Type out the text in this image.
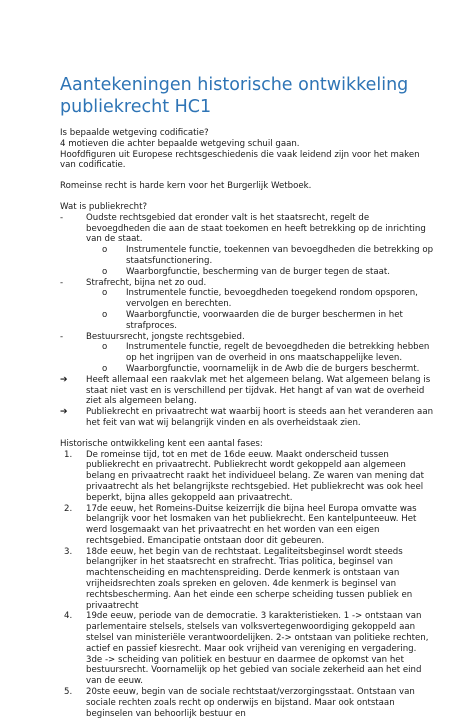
Aantekeningen historische ontwikkeling publiekrecht HC1

Is bepaalde wetgeving codificatie?

4 motieven die achter bepaalde wetgeving schuil gaan.

Hoofdfiguren uit Europese rechtsgeschiedenis die vaak leidend zijn voor het maken van codificatie.

Romeinse recht is harde kern voor het Burgerlijk Wetboek.

Wat is publiekrecht?

-	Oudste rechtsgebied dat eronder valt is het staatsrecht, regelt de bevoegdheden die aan de staat toekomen en heeft betrekking op de inrichting van de staat.
o	Instrumentele functie, toekennen van bevoegdheden die betrekking op staatsfunctionering.
o	Waarborgfunctie, bescherming van de burger tegen de staat.
-	Strafrecht, bijna net zo oud.
o	Instrumentele functie, bevoegdheden toegekend rondom opsporen, vervolgen en berechten.
o	Waarborgfunctie, voorwaarden die de burger beschermen in het strafproces.
-	Bestuursrecht, jongste rechtsgebied.
o	Instrumentele functie, regelt de bevoegdheden die betrekking hebben op het ingrijpen van de overheid in ons maatschappelijke leven.
o	Waarborgfunctie, voornamelijk in de Awb die de burgers beschermt.
➔	Heeft allemaal een raakvlak met het algemeen belang. Wat algemeen belang is staat niet vast en is verschillend per tijdvak. Het hangt af van wat de overheid ziet als algemeen belang.
➔	Publiekrecht en privaatrecht wat waarbij hoort is steeds aan het veranderen aan het feit van wat wij belangrijk vinden en als overheidstaak zien.

Historische ontwikkeling kent een aantal fases:

1.	De romeinse tijd, tot en met de 16de eeuw. Maakt onderscheid tussen publiekrecht en privaatrecht. Publiekrecht wordt gekoppeld aan algemeen belang en privaatrecht raakt het individueel belang. Ze waren van mening dat privaatrecht als het belangrijkste rechtsgebied. Het publiekrecht was ook heel beperkt, bijna alles gekoppeld aan privaatrecht.
2.	17de eeuw, het Romeins-Duitse keizerrijk die bijna heel Europa omvatte was belangrijk voor het losmaken van het publiekrecht. Een kantelpunteeuw. Het werd losgemaakt van het privaatrecht en het worden van een eigen rechtsgebied. Emancipatie ontstaan door dit gebeuren.
3.	18de eeuw, het begin van de rechtstaat. Legaliteitsbeginsel wordt steeds belangrijker in het staatsrecht en strafrecht. Trias politica, beginsel van machtenscheiding en machtenspreiding. Derde kenmerk is ontstaan van vrijheidsrechten zoals spreken en geloven. 4de kenmerk is beginsel van rechtsbescherming. Aan het einde een scherpe scheiding tussen publiek en privaatrecht
4.	19de eeuw, periode van de democratie. 3 karakteristieken. 1 -> ontstaan van parlementaire stelsels, stelsels van volksvertegenwoordiging gekoppeld aan stelsel van ministeriële verantwoordelijken. 2-> ontstaan van politieke rechten, actief en passief kiesrecht. Maar ook vrijheid van vereniging en vergadering. 3de -> scheiding van politiek en bestuur en daarmee de opkomst van het bestuursrecht. Voornamelijk op het gebied van sociale zekerheid aan het eind van de eeuw.
5.	20ste eeuw, begin van de sociale rechtstaat/verzorgingsstaat. Ontstaan van sociale rechten zoals recht op onderwijs en bijstand. Maar ook ontstaan beginselen van behoorlijk bestuur en
